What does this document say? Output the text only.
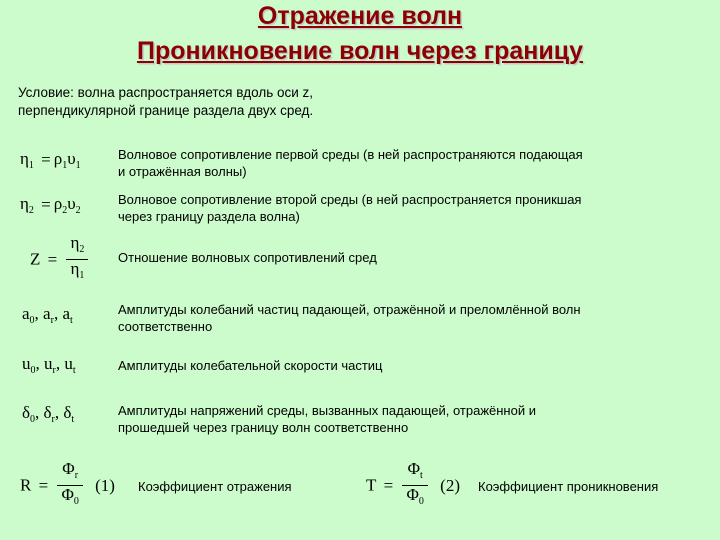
Отражение волн
Проникновение волн через границу
Условие: волна распространяется вдоль оси z,
перпендикулярной границе раздела двух сред.
$\eta_1 = \rho_1\upsilon_1$
Волновое сопротивление первой среды (в ней распространяются подающая
и отражённая волны)
$\eta_2 = \rho_2\upsilon_2$
Волновое сопротивление второй среды (в ней распространяется проникшая
через границу раздела волна)
$Z = \frac{\eta_2}{\eta_1}$ Отношение волновых сопротивлений сред
$a_0$, $a_r$, $a_t$
Амплитуды колебаний частиц падающей, отражённой и преломлённой волн
соответственно
$u_0$, $u_r$, $u_t$	Амплитуды колебательной скорости частиц
$\delta_0$, $\delta_r$, $\delta_t$
Амплитуды напряжений среды, вызванных падающей, отражённой и
прошедшей через границу волн соответственно
$R = \frac{\Phi_r}{\Phi_0} (1)$ Коэффициент отражения	$T = \frac{\Phi_t}{\Phi_0} (2)$ Коэффициент проникновения
